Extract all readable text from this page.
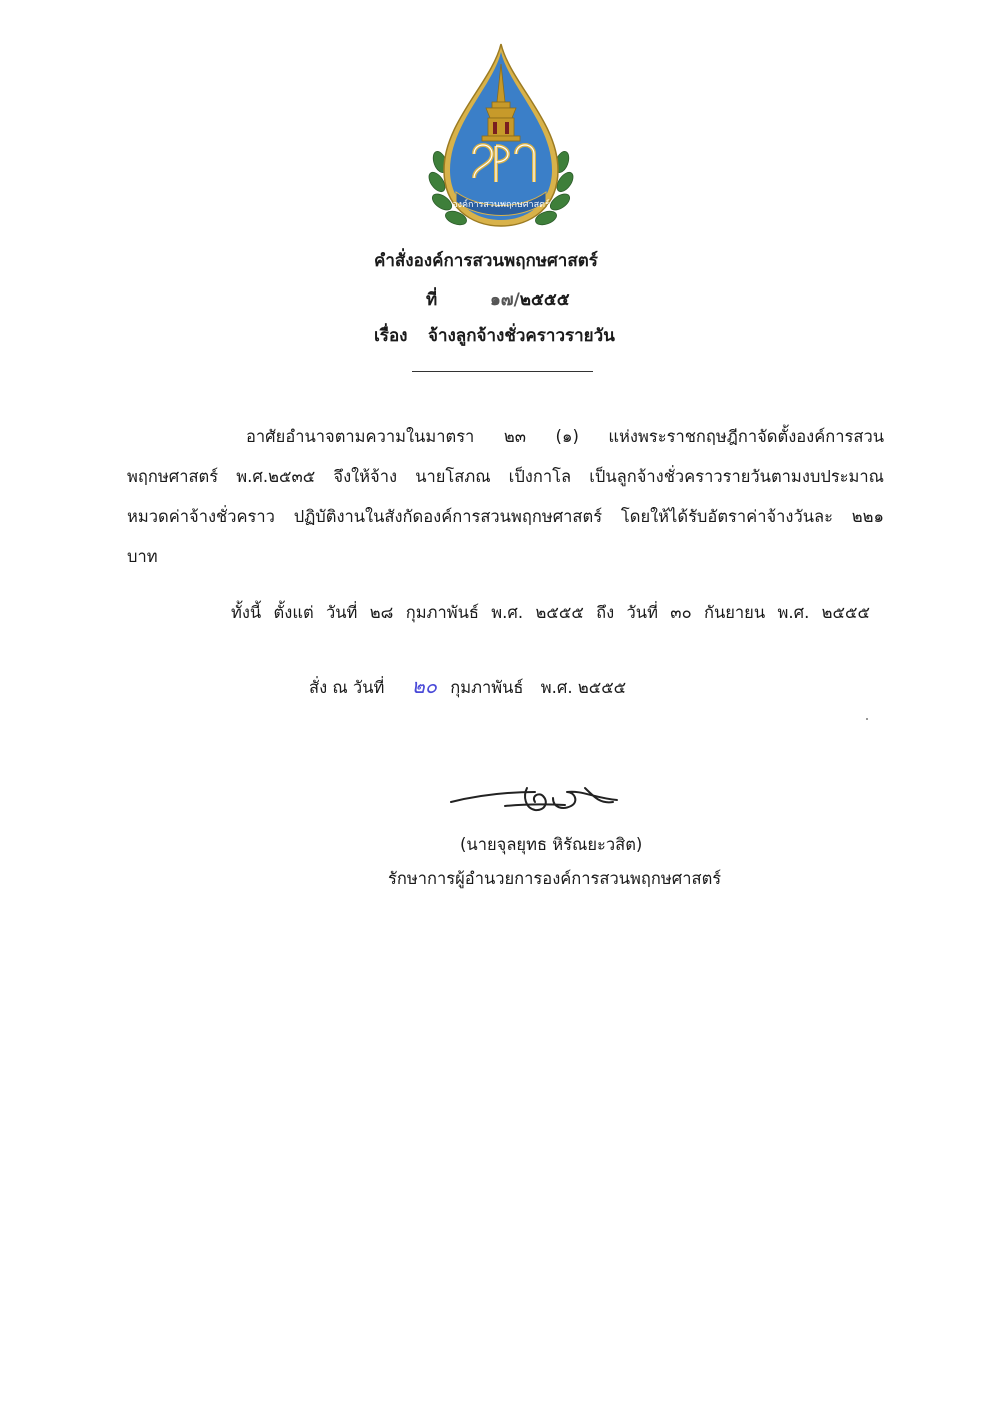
องค์การสวนพฤกษศาสตร์
คำสั่งองค์การสวนพฤกษศาสตร์
ที่	๑๗/๒๕๕๕
เรื่อง จ้างลูกจ้างชั่วคราวรายวัน
อาศัยอำนาจตามความในมาตรา ๒๓ (๑) แห่งพระราชกฤษฎีกาจัดตั้งองค์การสวน
พฤกษศาสตร์ พ.ศ.๒๕๓๕ จึงให้จ้าง นายโสภณ เป็งกาโล เป็นลูกจ้างชั่วคราวรายวันตามงบประมาณ
หมวดค่าจ้างชั่วคราว ปฏิบัติงานในสังกัดองค์การสวนพฤกษศาสตร์ โดยให้ได้รับอัตราค่าจ้างวันละ ๒๒๑
บาท
ทั้งนี้ ตั้งแต่ วันที่ ๒๘ กุมภาพันธ์ พ.ศ. ๒๕๕๕ ถึง วันที่ ๓๐ กันยายน พ.ศ. ๒๕๕๕
สั่ง ณ วันที่ ๒๐ กุมภาพันธ์ พ.ศ. ๒๕๕๕
(นายจุลยุทธ หิรัณยะวสิต)
รักษาการผู้อำนวยการองค์การสวนพฤกษศาสตร์
